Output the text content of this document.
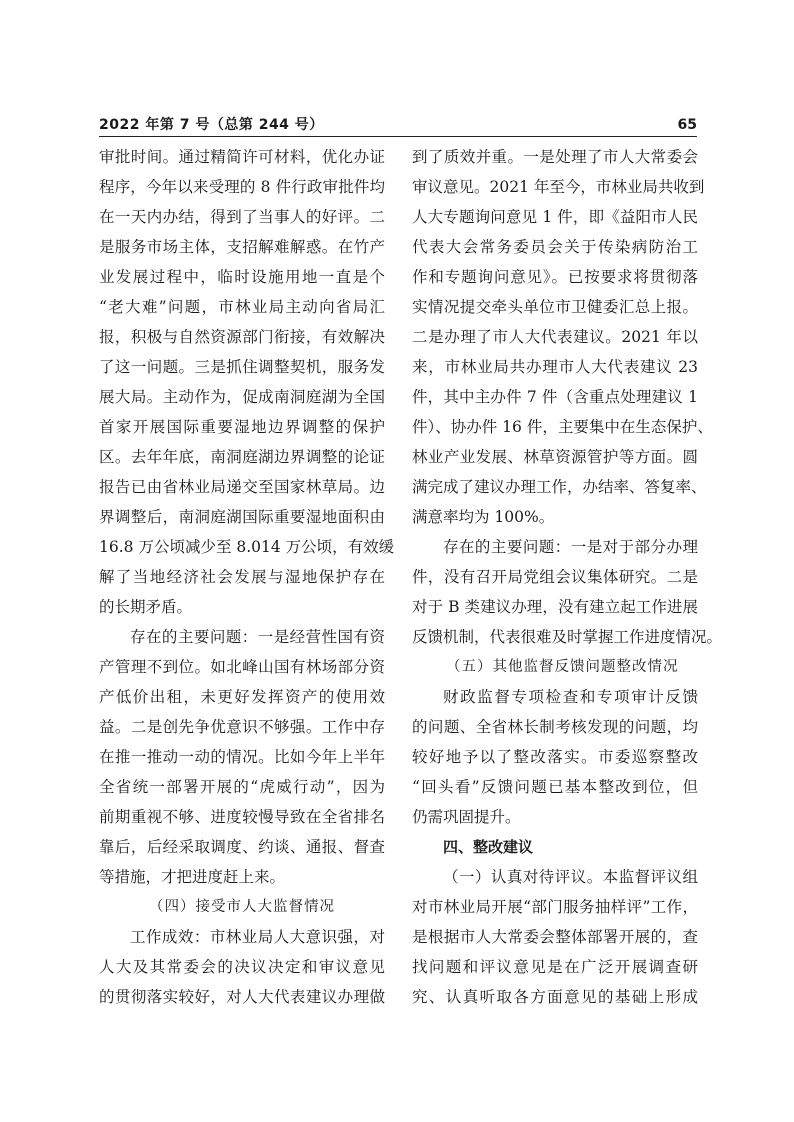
2022 年第 7 号（总第 244 号）	65
审批时间。通过精简许可材料，优化办证
程序，今年以来受理的 8 件行政审批件均
在一天内办结，得到了当事人的好评。二
是服务市场主体，支招解难解惑。在竹产
业发展过程中，临时设施用地一直是个
“老大难”问题，市林业局主动向省局汇
报，积极与自然资源部门衔接，有效解决
了这一问题。三是抓住调整契机，服务发
展大局。主动作为，促成南洞庭湖为全国
首家开展国际重要湿地边界调整的保护
区。去年年底，南洞庭湖边界调整的论证
报告已由省林业局递交至国家林草局。边
界调整后，南洞庭湖国际重要湿地面积由
16.8 万公顷减少至 8.014 万公顷，有效缓
解了当地经济社会发展与湿地保护存在
的长期矛盾。
存在的主要问题：一是经营性国有资
产管理不到位。如北峰山国有林场部分资
产低价出租，未更好发挥资产的使用效
益。二是创先争优意识不够强。工作中存
在推一推动一动的情况。比如今年上半年
全省统一部署开展的“虎威行动”，因为
前期重视不够、进度较慢导致在全省排名
靠后，后经采取调度、约谈、通报、督查
等措施，才把进度赶上来。
（四）接受市人大监督情况
工作成效：市林业局人大意识强，对
人大及其常委会的决议决定和审议意见
的贯彻落实较好，对人大代表建议办理做
到了质效并重。一是处理了市人大常委会
审议意见。2021 年至今，市林业局共收到
人大专题询问意见 1 件，即《益阳市人民
代表大会常务委员会关于传染病防治工
作和专题询问意见》。已按要求将贯彻落
实情况提交牵头单位市卫健委汇总上报。
二是办理了市人大代表建议。2021 年以
来，市林业局共办理市人大代表建议 23
件，其中主办件 7 件（含重点处理建议 1
件）、协办件 16 件，主要集中在生态保护、
林业产业发展、林草资源管护等方面。圆
满完成了建议办理工作，办结率、答复率、
满意率均为 100%。
存在的主要问题：一是对于部分办理
件，没有召开局党组会议集体研究。二是
对于 B 类建议办理，没有建立起工作进展
反馈机制，代表很难及时掌握工作进度情况。
（五）其他监督反馈问题整改情况
财政监督专项检查和专项审计反馈
的问题、全省林长制考核发现的问题，均
较好地予以了整改落实。市委巡察整改
“回头看”反馈问题已基本整改到位，但
仍需巩固提升。
四、整改建议
（一）认真对待评议。本监督评议组
对市林业局开展“部门服务抽样评”工作，
是根据市人大常委会整体部署开展的，查
找问题和评议意见是在广泛开展调查研
究、认真听取各方面意见的基础上形成
